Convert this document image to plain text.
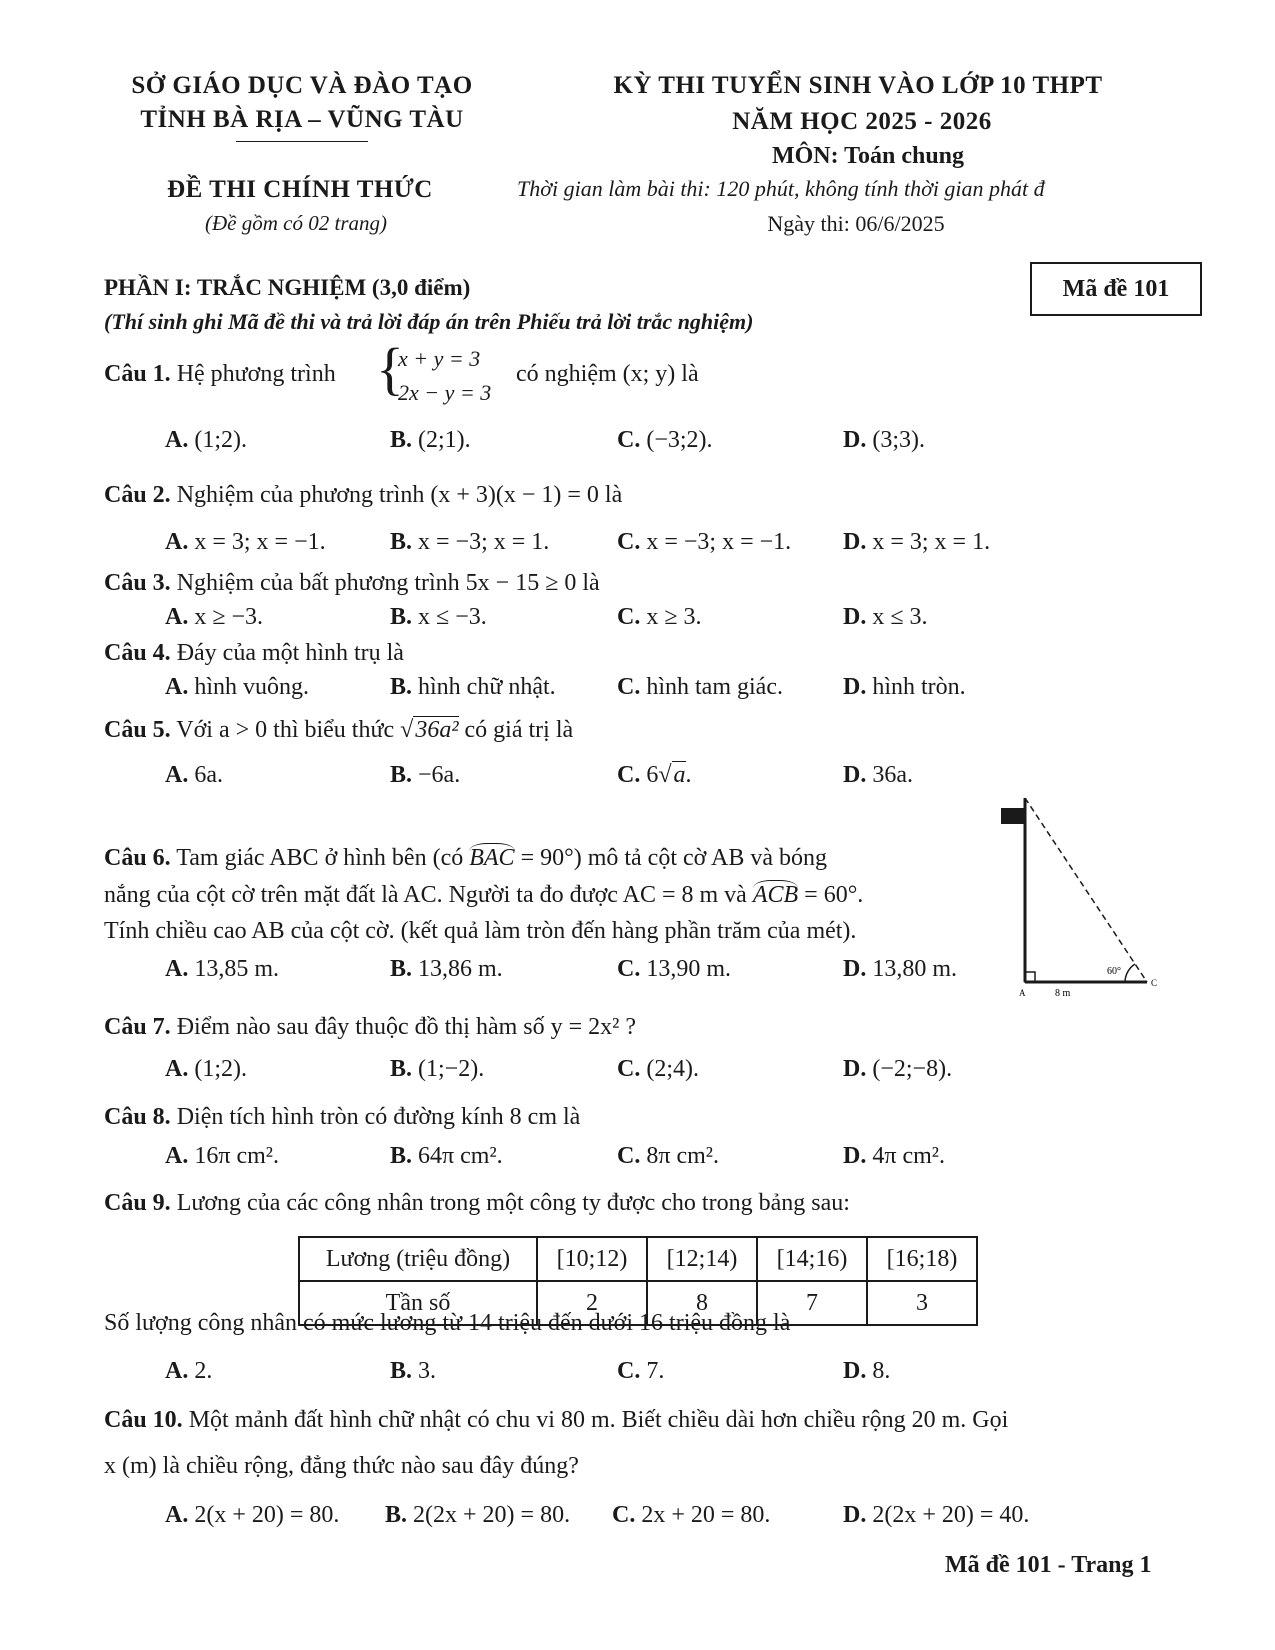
SỞ GIÁO DỤC VÀ ĐÀO TẠO
TỈNH BÀ RỊA – VŨNG TÀU
ĐỀ THI CHÍNH THỨC
(Đề gồm có 02 trang)
KỲ THI TUYỂN SINH VÀO LỚP 10 THPT
NĂM HỌC 2025 - 2026
MÔN: Toán chung
Thời gian làm bài thi: 120 phút, không tính thời gian phát đ
Ngày thi: 06/6/2025
Mã đề 101
PHẦN I: TRẮC NGHIỆM (3,0 điểm)
(Thí sinh ghi Mã đề thi và trả lời đáp án trên Phiếu trả lời trắc nghiệm)
Câu 1. Hệ phương trình {
x + y = 3
2x − y = 3
có nghiệm (x; y) là
A. (1;2).	B. (2;1).	C. (−3;2).	D. (3;3).
Câu 2. Nghiệm của phương trình (x + 3)(x − 1) = 0 là
A. x = 3; x = −1.	B. x = −3; x = 1.	C. x = −3; x = −1. D. x = 3; x = 1.
Câu 3. Nghiệm của bất phương trình 5x − 15 ≥ 0 là
A. x ≥ −3.	B. x ≤ −3.	C. x ≥ 3.	D. x ≤ 3.
Câu 4. Đáy của một hình trụ là
A. hình vuông.	B. hình chữ nhật.	C. hình tam giác.	D. hình tròn.
Câu 5. Với a > 0 thì biểu thức √36a² có giá trị là
A. 6a.	B. −6a.	C. 6√a.	D. 36a.
Câu 6. Tam giác ABC ở hình bên (có BAC = 90°) mô tả cột cờ AB và bóng
nắng của cột cờ trên mặt đất là AC. Người ta đo được AC = 8 m và ACB = 60°.
Tính chiều cao AB của cột cờ. (kết quả làm tròn đến hàng phần trăm của mét).
A. 13,85 m.	B. 13,86 m.	C. 13,90 m.	D. 13,80 m.	60°
8 m
A
C
Câu 7. Điểm nào sau đây thuộc đồ thị hàm số y = 2x² ?
A. (1;2).	B. (1;−2).	C. (2;4).	D. (−2;−8).
Câu 8. Diện tích hình tròn có đường kính 8 cm là
A. 16π cm².	B. 64π cm².	C. 8π cm².	D. 4π cm².
Câu 9. Lương của các công nhân trong một công ty được cho trong bảng sau:
Lương (triệu đồng)	[10;12)	[12;14)	[14;16)	[16;18)
Tần số	2	8	7	3
Số lượng công nhân có mức lương từ 14 triệu đến dưới 16 triệu đồng là
A. 2.	B. 3.	C. 7.	D. 8.
Câu 10. Một mảnh đất hình chữ nhật có chu vi 80 m. Biết chiều dài hơn chiều rộng 20 m. Gọi
x (m) là chiều rộng, đẳng thức nào sau đây đúng?
A. 2(x + 20) = 80. B. 2(2x + 20) = 80. C. 2x + 20 = 80.	D. 2(2x + 20) = 40.
Mã đề 101 - Trang 1
